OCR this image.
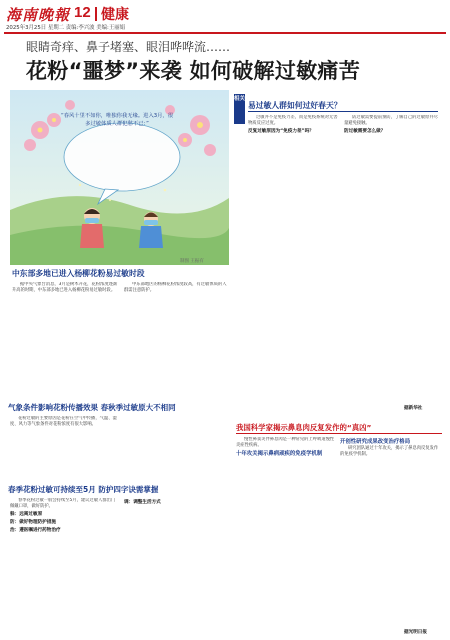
海南晚報 12 健康
2025年3月25日 星期二 责编:李兴波 美编:王丽娟
眼睛奇痒、鼻子堵塞、眼泪哗哗流……
花粉“噩梦”来袭 如何破解过敏痛苦
“春风十里不如你，唯独你我无缘。进入3月，很多过敏体质人群犯愁不已：”
制图 王振有
中东部多地已进入杨柳花粉易过敏时段

据中央气象台消息，3月是树木开花，花粉浓度逐渐升高的时期，中东部多地已进入杨柳花粉易过敏时段。

中东部地区的杨柳花粉浓度较高，有过敏体质的人群需注意防护。

气象条件影响花粉传播效果 春秋季过敏原大不相同

花粉过敏的主要原因是花粉在空气中传播，气温、湿度、风力等气象条件对花粉浓度有很大影响。

春季花粉过敏可持续至5月 防护四字诀需掌握

春季花粉过敏一般会持续至5月，建议过敏人群出门佩戴口罩，做好防护。

躲：远离过敏原

防：做好物理防护措施

治：遵医嘱进行药物治疗

调：调整生活方式

相关
易过敏人群如何过好春天？

过敏并不是免疫力差，而是免疫系统对无害物质反应过度。

反复过敏原因为“免疫力差”吗？

防过敏需要提前预防，了解自己的过敏原并尽量避免接触。

防过敏需要怎么做？

据新华社
我国科学家揭示鼻息肉反复发作的“真凶”

慢性鼻窦炎伴鼻息肉是一种常见的上呼吸道慢性炎症性疾病。

十年攻关揭示鼻病顽疾的免疫学机制

开创性研究成果改变治疗格局

研究团队通过十年攻关，揭示了鼻息肉反复发作的免疫学机制。

据光明日报
